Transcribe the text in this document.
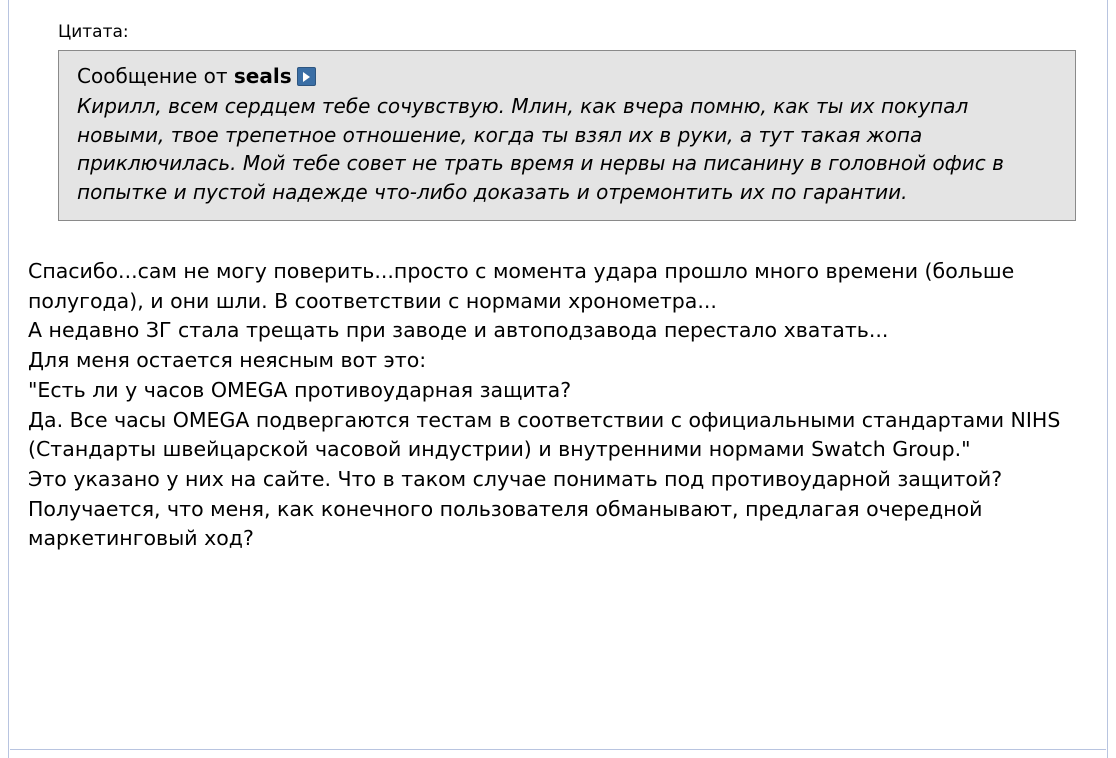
Цитата:
Сообщение от seals
Кирилл, всем сердцем тебе сочувствую. Млин, как вчера помню, как ты их покупал новыми, твое трепетное отношение, когда ты взял их в руки, а тут такая жопа приключилась. Мой тебе совет не трать время и нервы на писанину в головной офис в попытке и пустой надежде что-либо доказать и отремонтить их по гарантии.

Спасибо...сам не могу поверить...просто с момента удара прошло много времени (больше полугода), и они шли. В соответствии с нормами хронометра...

А недавно ЗГ стала трещать при заводе и автоподзавода перестало хватать...

Для меня остается неясным вот это:

"Есть ли у часов OMEGA противоударная защита?

Да. Все часы OMEGA подвергаются тестам в соответствии с официальными стандартами NIHS (Стандарты швейцарской часовой индустрии) и внутренними нормами Swatch Group."

Это указано у них на сайте. Что в таком случае понимать под противоударной защитой?

Получается, что меня, как конечного пользователя обманывают, предлагая очередной маркетинговый ход?
